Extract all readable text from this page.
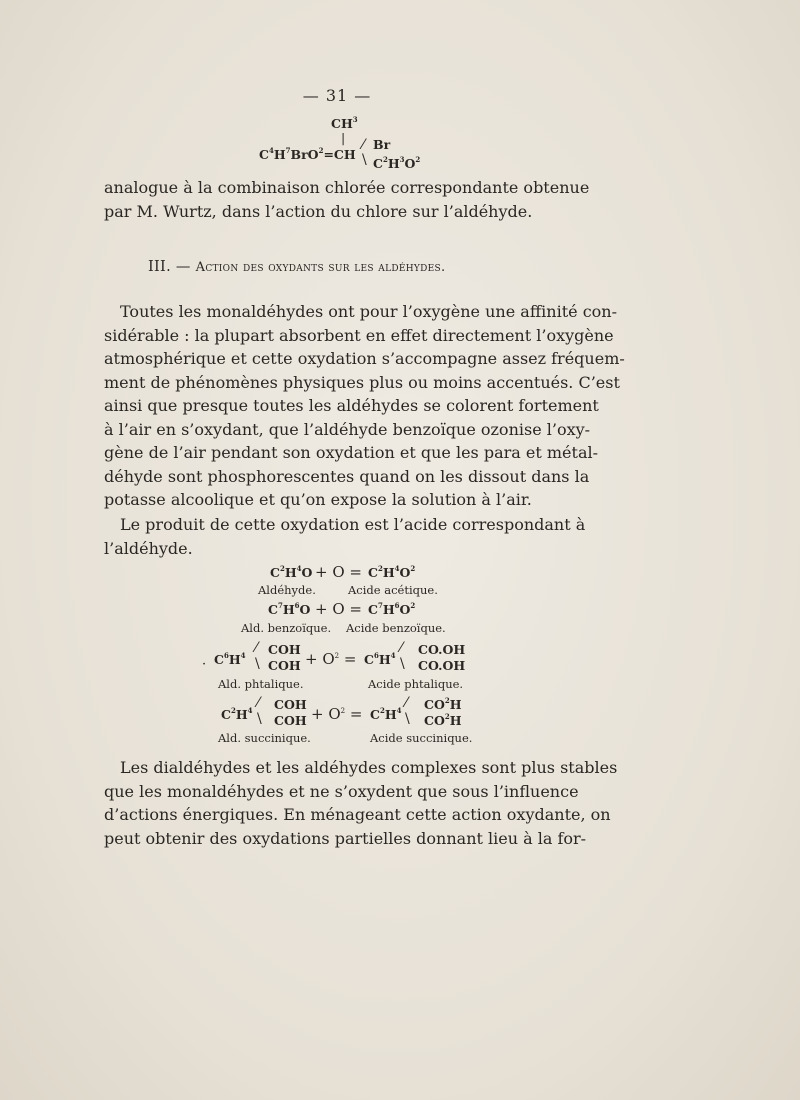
— 31 —
$CH^3$
|
$C^4H^7BrO^2=CH$
⁄
\
Br
$C^2H^3O^2$
analogue à la combinaison chlorée correspondante obtenue
par M. Wurtz, dans l’action du chlore sur l’aldéhyde.
III. — Action des oxydants sur les aldéhydes.
Toutes les monaldéhydes ont pour l’oxygène une affinité con-
sidérable : la plupart absorbent en effet directement l’oxygène
atmosphérique et cette oxydation s’accompagne assez fréquem-
ment de phénomènes physiques plus ou moins accentués. C’est
ainsi que presque toutes les aldéhydes se colorent fortement
à l’air en s’oxydant, que l’aldéhyde benzoïque ozonise l’oxy-
gène de l’air pendant son oxydation et que les para et métal-
déhyde sont phosphorescentes quand on les dissout dans la
potasse alcoolique et qu’on expose la solution à l’air.
Le produit de cette oxydation est l’acide correspondant à
l’aldéhyde.
$C^2H^4O + O = C^2H^4O^2$
Aldéhyde.	Acide acétique.
$C^7H^6O + O = C^7H^6O^2$
Ald. benzoïque. Acide benzoïque.
· $C^6H^4$ ⁄
\
COH
COH + $O^2 = C^6H^4$ ⁄
\
CO.OH
CO.OH
Ald. phtalique.	Acide phtalique.
$C^2H^4$ ⁄
\
COH
COH + $O^2 = C^2H^4$ ⁄
\
$CO^2H$
$CO^2H$
Ald. succinique.	Acide succinique.
Les dialdéhydes et les aldéhydes complexes sont plus stables
que les monaldéhydes et ne s’oxydent que sous l’influence
d’actions énergiques. En ménageant cette action oxydante, on
peut obtenir des oxydations partielles donnant lieu à la for-
